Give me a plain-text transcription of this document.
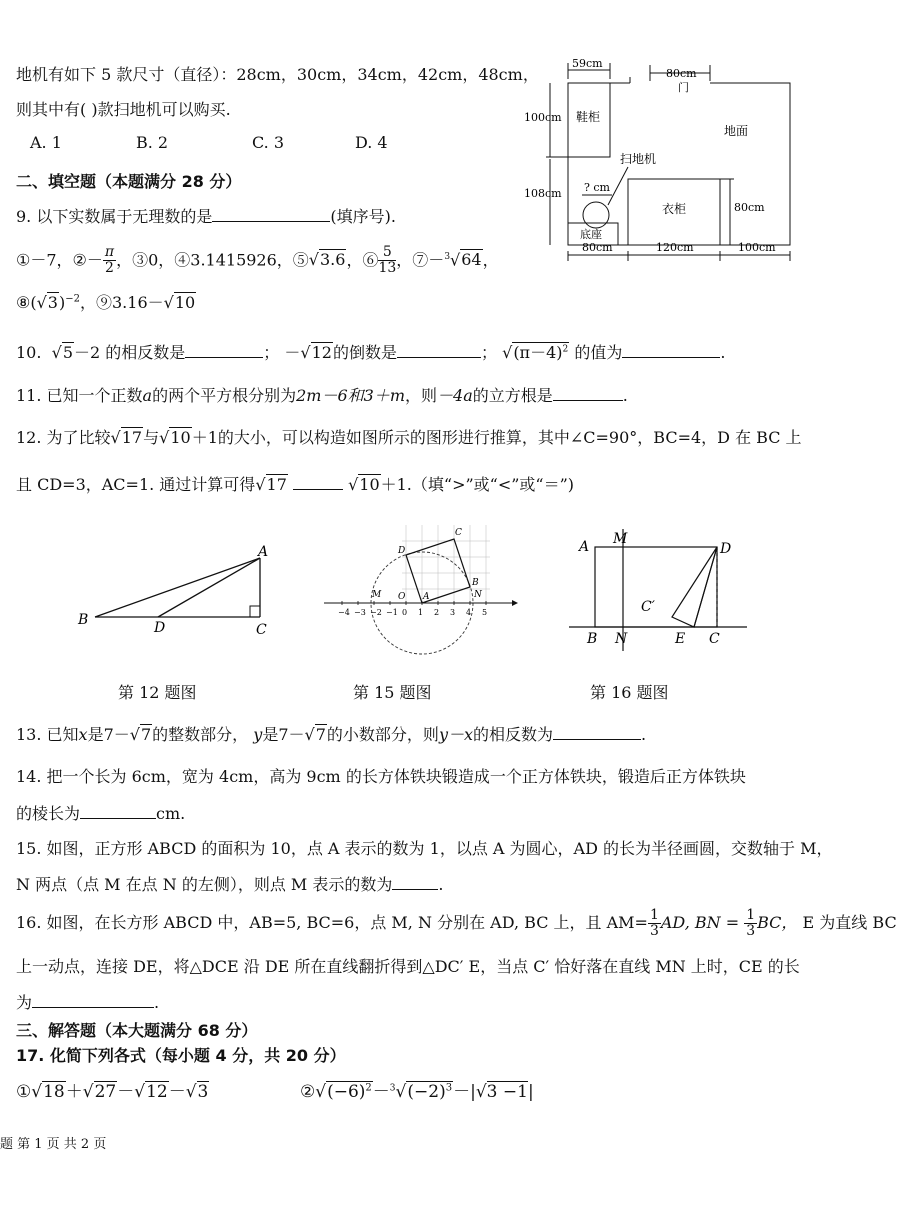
地机有如下 5 款尺寸（直径）：28cm，30cm，34cm，42cm，48cm，
则其中有( )款扫地机可以购买.
A. 1	B. 2	C. 3	D. 4
59cm
80cm
门
100cm 鞋柜
地面
扫地机
? cm
108cm
衣柜	80cm
底座
80cm	120cm	100cm
二、填空题（本题满分 28 分）
9. 以下实数属于无理数的是	(填序号).
①－7，②－ $\frac{\pi}{2}$ ，③0，④3.1415926，⑤√3.6，⑥ $\frac{5}{13}$ ，⑦－$^3$√64，
$⑧(√3)^{-2}$，⑨3.16－√10
10. √5－2 的相反数是	； －√12的倒数是	； $√(\pi-4)^2$ 的值为	.
11. 已知一个正数a的两个平方根分别为2m－6和3＋m，则－4a的立方根是	.
12. 为了比较√17与√10＋1的大小，可以构造如图所示的图形进行推算，其中∠C=90°，BC=4，D 在 BC 上
且 CD=3，AC=1. 通过计算可得√17	√10＋1.（填“>”或“<”或“＝”)
A
B
C
D
第 12 题图
−4 −3 −2 −1 0 1 2 3 4 5
M	N
A
B
C
D
O
第 15 题图
A M
D
C′
B N	E C
第 16 题图
13. 已知x是7－√7的整数部分， y是7－√7的小数部分，则y－x的相反数为	.
14. 把一个长为 6cm，宽为 4cm，高为 9cm 的长方体铁块锻造成一个正方体铁块，锻造后正方体铁块
的棱长为	cm.
15. 如图，正方形 ABCD 的面积为 10，点 A 表示的数为 1，以点 A 为圆心，AD 的长为半径画圆，交数轴于 M，
N 两点（点 M 在点 N 的左侧），则点 M 表示的数为	.
16. 如图，在长方形 ABCD 中，AB=5, BC=6，点 M, N 分别在 AD, BC 上，且 $AM= \frac{1}{3}$ AD, BN = $\frac{1}{3}$ BC， E 为直线 BC
上一动点，连接 DE，将△DCE 沿 DE 所在直线翻折得到△DC′ E，当点 C′ 恰好落在直线 MN 上时，CE 的长
为	.
三、解答题（本大题满分 68 分）
17. 化简下列各式（每小题 4 分，共 20 分）
①√18＋√27－√12－√3	$②√(-6)^2-^3√(-2)^3-|√3 -1|$
题 第 1 页 共 2 页
